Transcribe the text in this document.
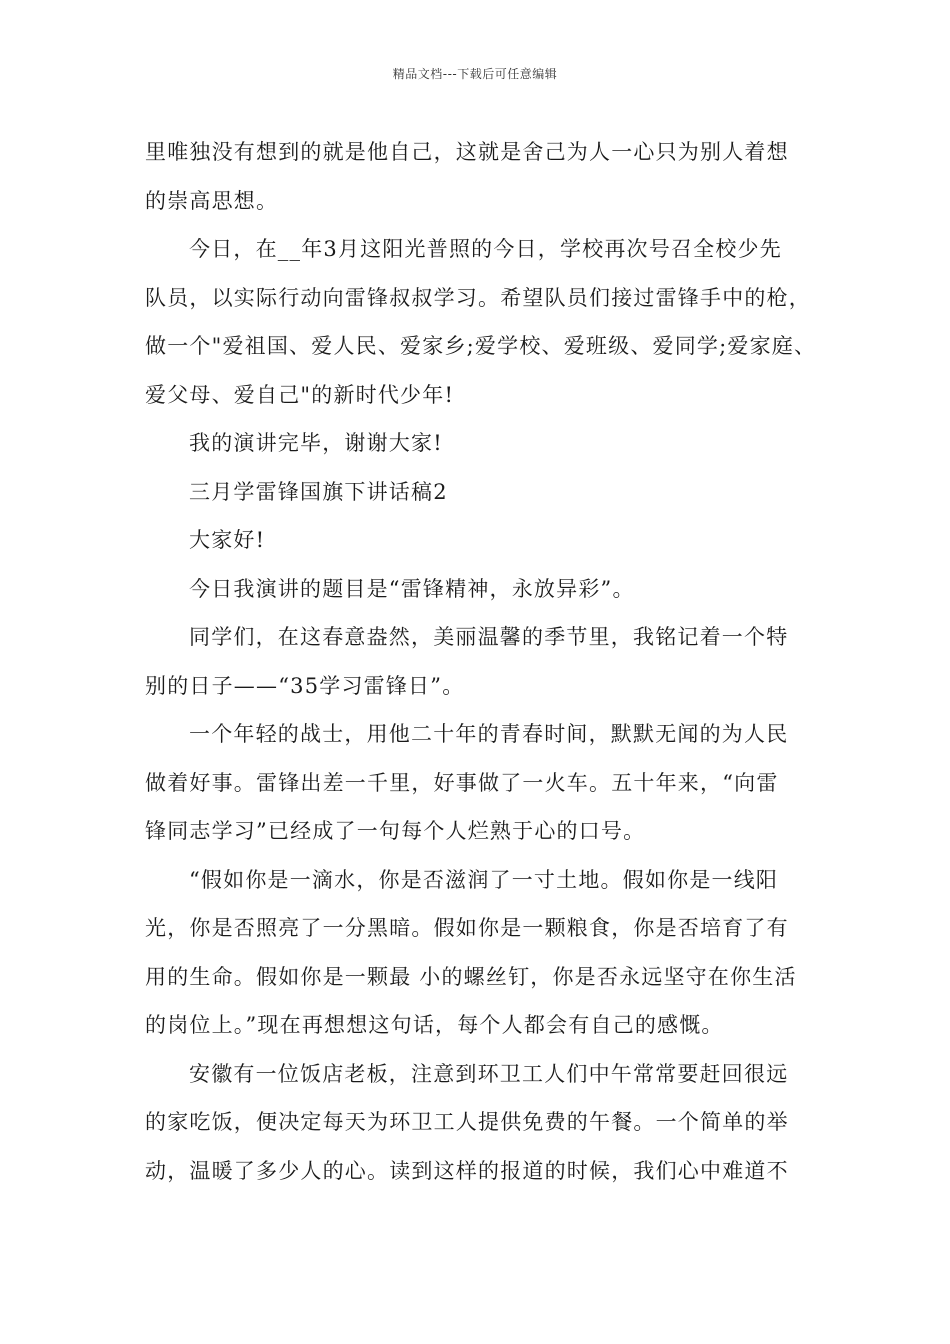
精品文档---下载后可任意编辑

里唯独没有想到的就是他自己，这就是舍己为人一心只为别人着想

的崇高思想。

今日，在__年3月这阳光普照的今日，学校再次号召全校少先

队员，以实际行动向雷锋叔叔学习。希望队员们接过雷锋手中的枪，

做一个"爱祖国、爱人民、爱家乡;爱学校、爱班级、爱同学;爱家庭、

爱父母、爱自己"的新时代少年!

我的演讲完毕，谢谢大家!

三月学雷锋国旗下讲话稿2

大家好!

今日我演讲的题目是“雷锋精神，永放异彩”。

同学们，在这春意盎然，美丽温馨的季节里，我铭记着一个特

别的日子——“35学习雷锋日”。

一个年轻的战士，用他二十年的青春时间，默默无闻的为人民

做着好事。雷锋出差一千里，好事做了一火车。五十年来，“向雷

锋同志学习”已经成了一句每个人烂熟于心的口号。

“假如你是一滴水，你是否滋润了一寸土地。假如你是一线阳

光，你是否照亮了一分黑暗。假如你是一颗粮食，你是否培育了有

用的生命。假如你是一颗最 小的螺丝钉，你是否永远坚守在你生活

的岗位上。”现在再想想这句话，每个人都会有自己的感慨。

安徽有一位饭店老板，注意到环卫工人们中午常常要赶回很远

的家吃饭，便决定每天为环卫工人提供免费的午餐。一个简单的举

动，温暖了多少人的心。读到这样的报道的时候，我们心中难道不
